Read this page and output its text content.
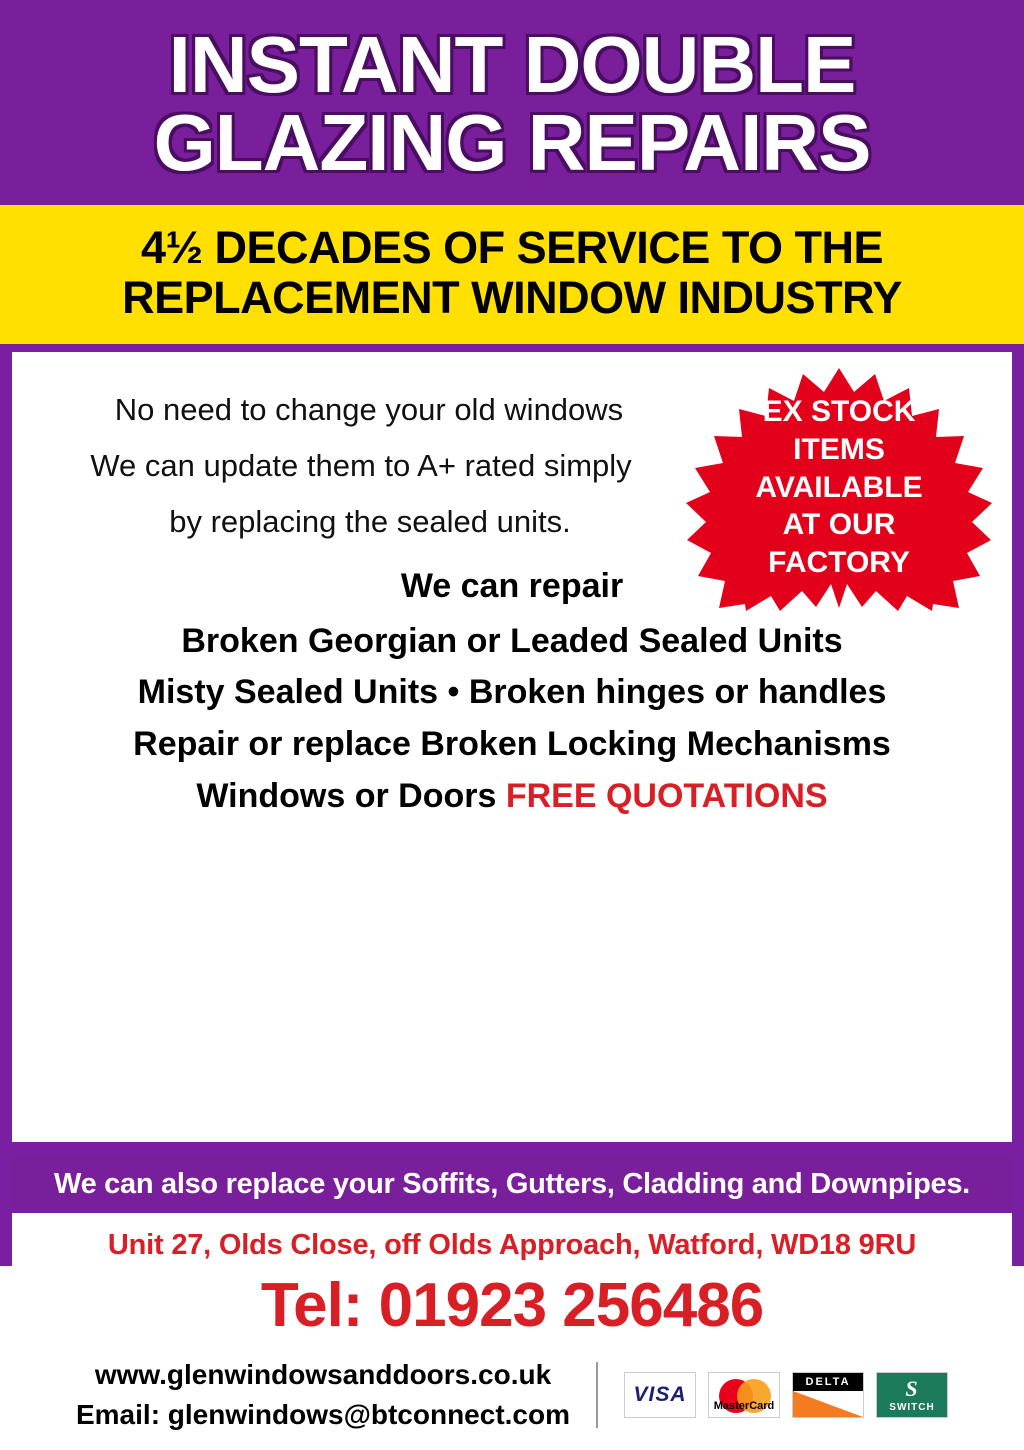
INSTANT DOUBLE
GLAZING REPAIRS
4½ DECADES OF SERVICE TO THE
REPLACEMENT WINDOW INDUSTRY
No need to change your old windows
We can update them to A+ rated simply
by replacing the sealed units.
EX STOCK
ITEMS
AVAILABLE
AT OUR
FACTORY
We can repair
Broken Georgian or Leaded Sealed Units
Misty Sealed Units • Broken hinges or handles
Repair or replace Broken Locking Mechanisms
Windows or Doors FREE QUOTATIONS
We can also replace your Soffits, Gutters, Cladding and Downpipes.
Unit 27, Olds Close, off Olds Approach, Watford, WD18 9RU
Tel: 01923 256486
www.glenwindowsanddoors.co.uk
Email: glenwindows@btconnect.com
VISA	MasterCard
DELTA	S
SWITCH
